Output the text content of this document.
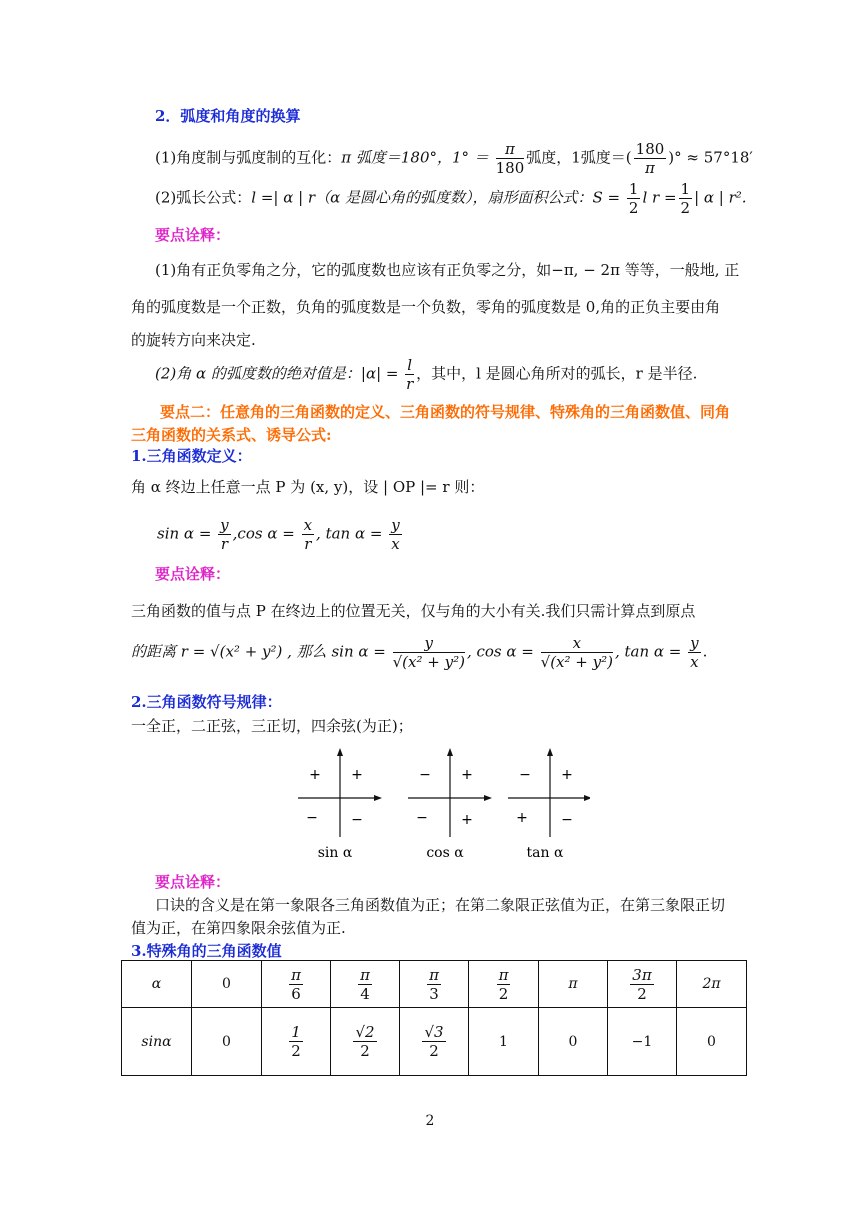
2．弧度和角度的换算
(1)角度制与弧度制的互化：π 弧度＝180°，$1^\circ = \frac{\pi}{180}$ 弧度，1弧度＝( $\frac{180}{\pi}$ )° ≈ 57°18′
(2)弧长公式：l =| α | r（α 是圆心角的弧度数），扇形面积公式：$S = \frac{1}{2}$ l $r = \frac{1}{2}$ | α | r².
要点诠释：
(1)角有正负零角之分，它的弧度数也应该有正负零之分，如−π, − 2π 等等，一般地, 正
角的弧度数是一个正数，负角的弧度数是一个负数，零角的弧度数是 0,角的正负主要由角
的旋转方向来决定.
(2)角 α 的弧度数的绝对值是：$|\alpha| = \frac{l}{r}$ ，其中，l 是圆心角所对的弧长，r 是半径.
要点二：任意角的三角函数的定义、三角函数的符号规律、特殊角的三角函数值、同角
三角函数的关系式、诱导公式:
1.三角函数定义：
角 α 终边上任意一点 P 为 (x, y)，设 | OP |= r 则：
$\sin \alpha = \frac{y}{r} ,\cos$ $\alpha = \frac{x}{r}$ , $\tan \alpha = \frac{y}{x}$
要点诠释：
三角函数的值与点 P 在终边上的位置无关，仅与角的大小有关.我们只需计算点到原点
的距离 r = √(x² + y²) , 那么 $\sin \alpha = \frac{y}{\text{√(x² + y²)}}$ , $\cos \alpha = \frac{x}{\text{√(x² + y²)}}$ , $\tan \alpha = \frac{y}{x}$ .
2.三角函数符号规律：
一全正，二正弦，三正切，四余弦(为正)；
+ +
− −
sin α
− +
− +
cos α
− +
+ −
tan α
要点诠释：
口诀的含义是在第一象限各三角函数值为正；在第二象限正弦值为正，在第三象限正切
值为正，在第四象限余弦值为正.
3.特殊角的三角函数值
α	0	$\frac{\pi}{6}$	$\frac{\pi}{4}$	$\frac{\pi}{3}$	$\frac{\pi}{2}$	π	$\frac{3\pi}{2}$	2π
sinα	0	$\frac{1}{2}$	$\frac{√2}{2}$	$\frac{√3}{2}$	1	0	−1	0
2
